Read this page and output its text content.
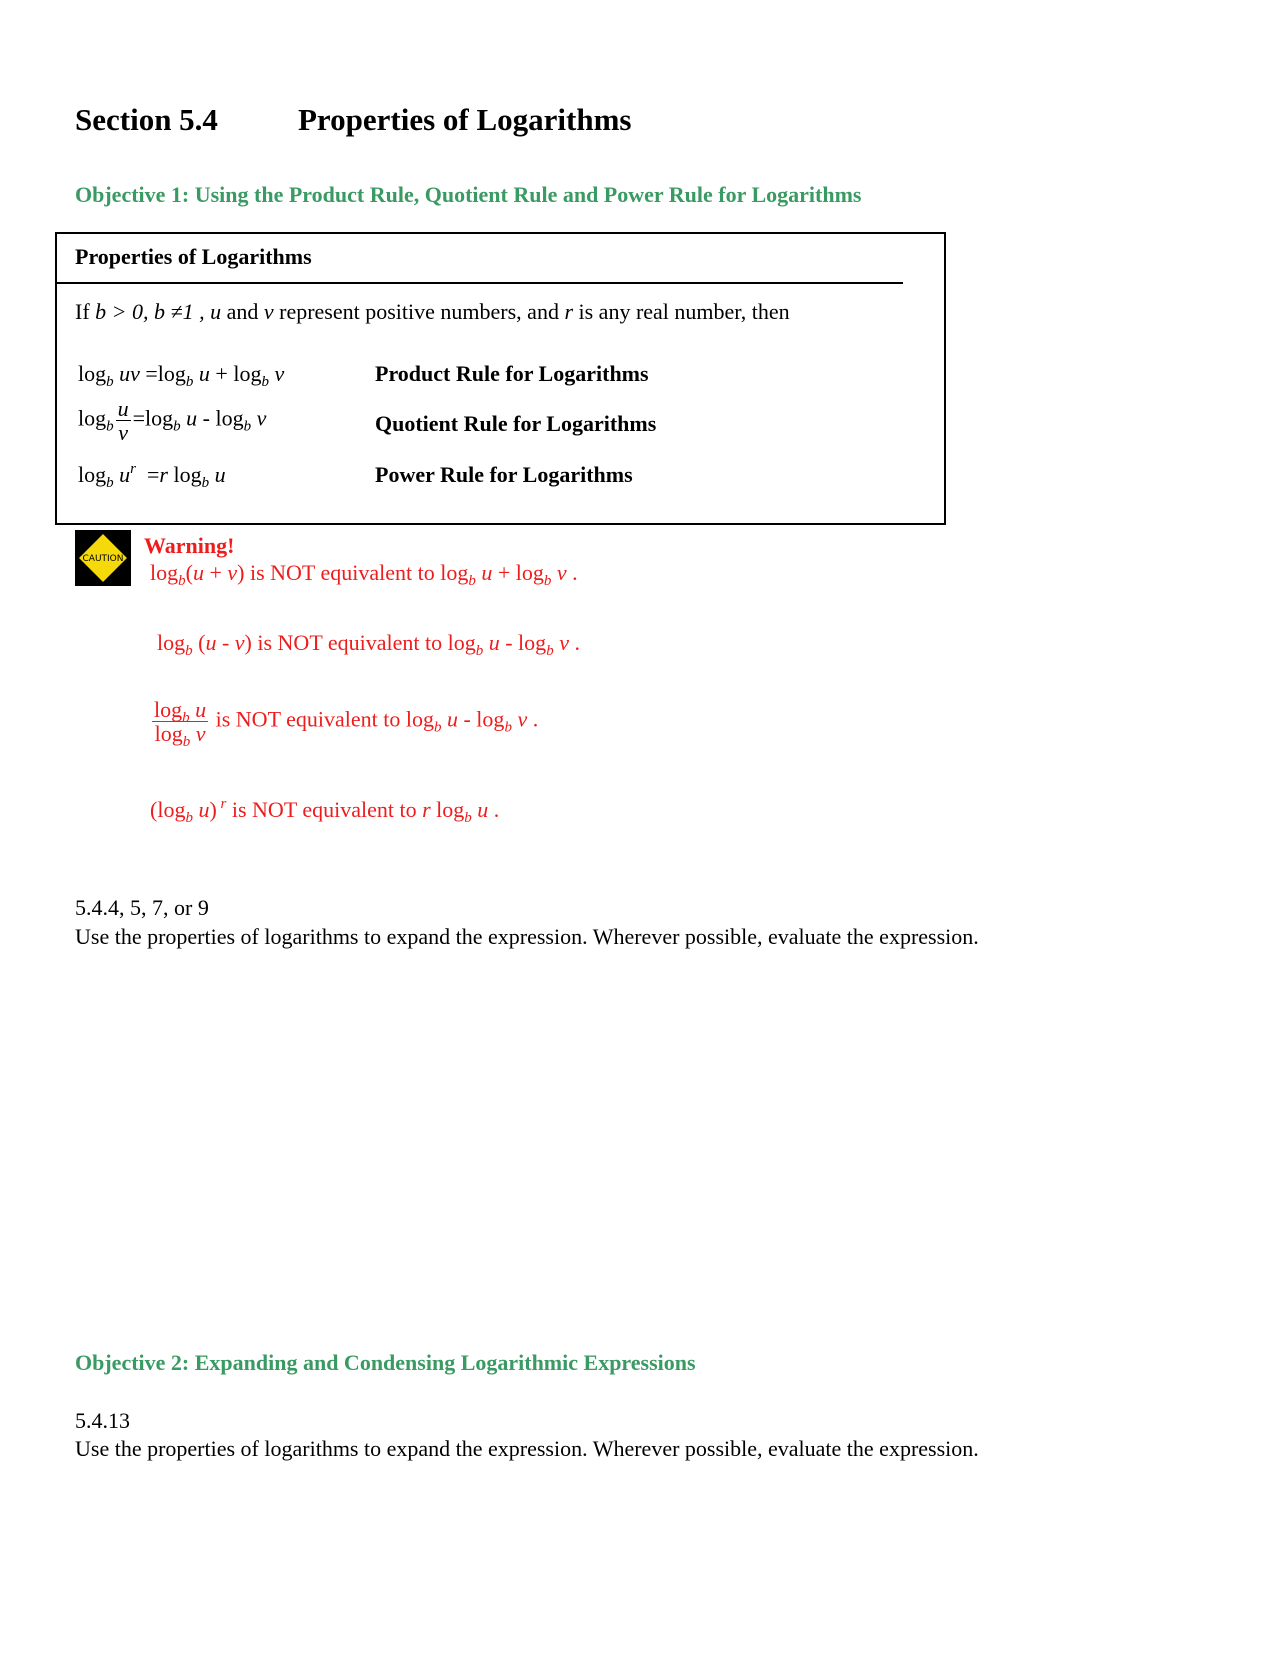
Section 5.4	Properties of Logarithms
Objective 1: Using the Product Rule, Quotient Rule and Power Rule for Logarithms
Properties of Logarithms
If b > 0, b ≠1 , u and v represent positive numbers, and r is any real number, then
$\log_b$ uv $=\log_b$ $u + \log_b v$	Product Rule for Logarithms
$\log_b \frac{u}{v} =\log_b$ u - $\log_b v$	Quotient Rule for Logarithms
$\log_b u^r =r$ $\log_b u$	Power Rule for Logarithms
CAUTION
Warning!
$\log_b(u + v)$ is NOT equivalent to $\log_b u + \log_b v$ .
$\log_b (u - v)$ is NOT equivalent to $\log_b u - \log_b v$ .
$\frac{\log_b u}{\log_b v}$ is NOT equivalent to $\log_b u - \log_b v$ .
($\log_b$ u) $^r$ is NOT equivalent to r $\log_b u$ .
5.4.4, 5, 7, or 9
Use the properties of logarithms to expand the expression. Wherever possible, evaluate the expression.
Objective 2: Expanding and Condensing Logarithmic Expressions
5.4.13
Use the properties of logarithms to expand the expression. Wherever possible, evaluate the expression.
